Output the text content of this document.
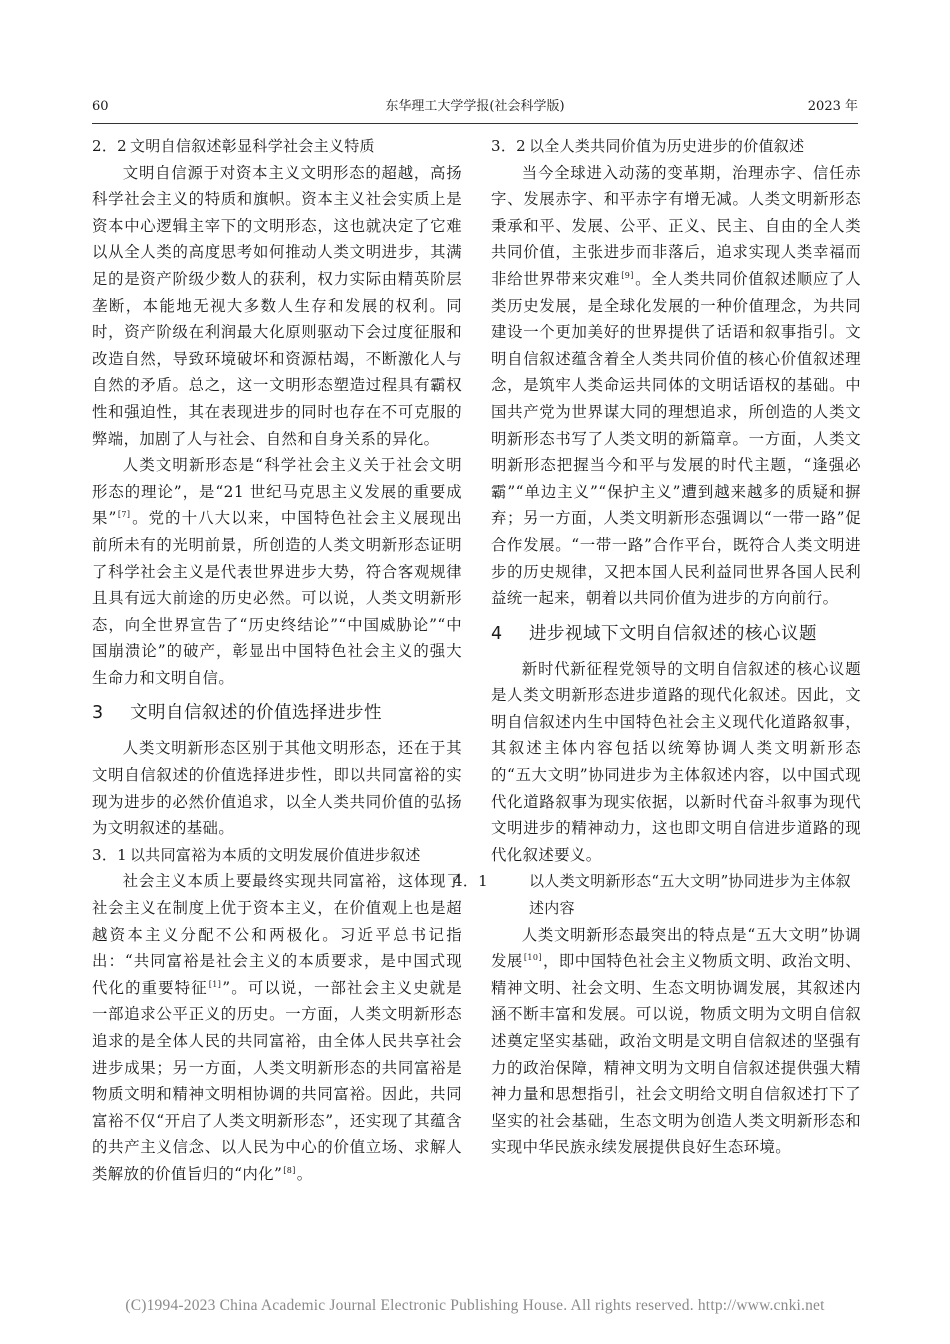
60	东华理工大学学报(社会科学版)	2023 年
2．2 文明自信叙述彰显科学社会主义特质

文明自信源于对资本主义文明形态的超越，高扬科学社会主义的特质和旗帜。资本主义社会实质上是资本中心逻辑主宰下的文明形态，这也就决定了它难以从全人类的高度思考如何推动人类文明进步，其满足的是资产阶级少数人的获利，权力实际由精英阶层垄断，本能地无视大多数人生存和发展的权利。同时，资产阶级在利润最大化原则驱动下会过度征服和改造自然，导致环境破坏和资源枯竭，不断激化人与自然的矛盾。总之，这一文明形态塑造过程具有霸权性和强迫性，其在表现进步的同时也存在不可克服的弊端，加剧了人与社会、自然和自身关系的异化。

人类文明新形态是“科学社会主义关于社会文明形态的理论”，是“21 世纪马克思主义发展的重要成果”[7]。党的十八大以来，中国特色社会主义展现出前所未有的光明前景，所创造的人类文明新形态证明了科学社会主义是代表世界进步大势，符合客观规律且具有远大前途的历史必然。可以说，人类文明新形态，向全世界宣告了“历史终结论”“中国威胁论”“中国崩溃论”的破产，彰显出中国特色社会主义的强大生命力和文明自信。

3 文明自信叙述的价值选择进步性

人类文明新形态区别于其他文明形态，还在于其文明自信叙述的价值选择进步性，即以共同富裕的实现为进步的必然价值追求，以全人类共同价值的弘扬为文明叙述的基础。

3．1 以共同富裕为本质的文明发展价值进步叙述

社会主义本质上要最终实现共同富裕，这体现了社会主义在制度上优于资本主义，在价值观上也是超越资本主义分配不公和两极化。习近平总书记指出：“共同富裕是社会主义的本质要求，是中国式现代化的重要特征[1]”。可以说，一部社会主义史就是一部追求公平正义的历史。一方面，人类文明新形态追求的是全体人民的共同富裕，由全体人民共享社会进步成果；另一方面，人类文明新形态的共同富裕是物质文明和精神文明相协调的共同富裕。因此，共同富裕不仅“开启了人类文明新形态”，还实现了其蕴含的共产主义信念、以人民为中心的价值立场、求解人类解放的价值旨归的“内化”[8]。

3．2 以全人类共同价值为历史进步的价值叙述

当今全球进入动荡的变革期，治理赤字、信任赤字、发展赤字、和平赤字有增无减。人类文明新形态秉承和平、发展、公平、正义、民主、自由的全人类共同价值，主张进步而非落后，追求实现人类幸福而非给世界带来灾难[9]。全人类共同价值叙述顺应了人类历史发展，是全球化发展的一种价值理念，为共同建设一个更加美好的世界提供了话语和叙事指引。文明自信叙述蕴含着全人类共同价值的核心价值叙述理念，是筑牢人类命运共同体的文明话语权的基础。中国共产党为世界谋大同的理想追求，所创造的人类文明新形态书写了人类文明的新篇章。一方面，人类文明新形态把握当今和平与发展的时代主题，“逢强必霸”“单边主义”“保护主义”遭到越来越多的质疑和摒弃；另一方面，人类文明新形态强调以“一带一路”促合作发展。“一带一路”合作平台，既符合人类文明进步的历史规律，又把本国人民利益同世界各国人民利益统一起来，朝着以共同价值为进步的方向前行。

4 进步视域下文明自信叙述的核心议题

新时代新征程党领导的文明自信叙述的核心议题是人类文明新形态进步道路的现代化叙述。因此，文明自信叙述内生中国特色社会主义现代化道路叙事，其叙述主体内容包括以统筹协调人类文明新形态的“五大文明”协同进步为主体叙述内容，以中国式现代化道路叙事为现实依据，以新时代奋斗叙事为现代文明进步的精神动力，这也即文明自信进步道路的现代化叙述要义。

4．1	以人类文明新形态“五大文明”协同进步为主体叙述内容

人类文明新形态最突出的特点是“五大文明”协调发展[10]，即中国特色社会主义物质文明、政治文明、精神文明、社会文明、生态文明协调发展，其叙述内涵不断丰富和发展。可以说，物质文明为文明自信叙述奠定坚实基础，政治文明是文明自信叙述的坚强有力的政治保障，精神文明为文明自信叙述提供强大精神力量和思想指引，社会文明给文明自信叙述打下了坚实的社会基础，生态文明为创造人类文明新形态和实现中华民族永续发展提供良好生态环境。

(C)1994-2023 China Academic Journal Electronic Publishing House. All rights reserved. http://www.cnki.net
